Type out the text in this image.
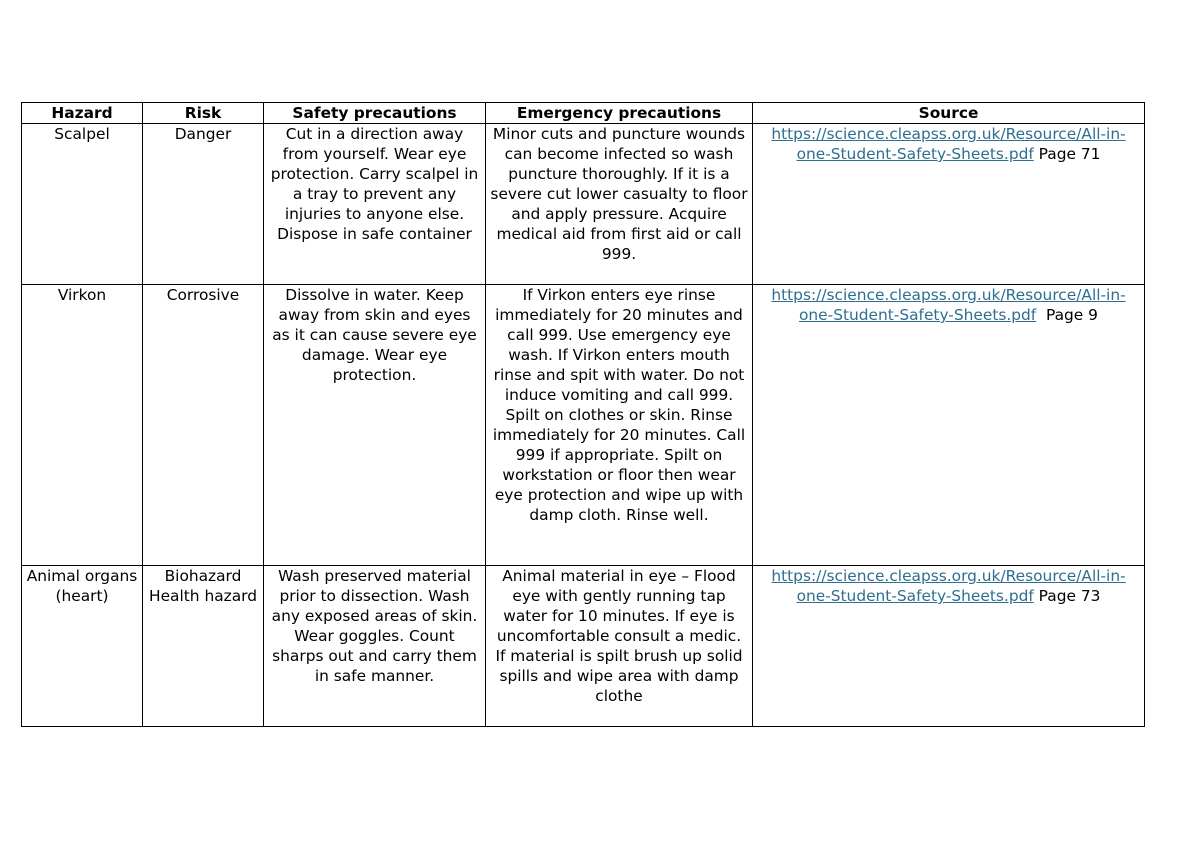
Hazard	Risk	Safety precautions	Emergency precautions	Source
Scalpel	Danger	Cut in a direction away from yourself. Wear eye protection. Carry scalpel in a tray to prevent any injuries to anyone else. Dispose in safe container	Minor cuts and puncture wounds can become infected so wash puncture thoroughly. If it is a severe cut lower casualty to floor and apply pressure. Acquire medical aid from first aid or call 999.	https://science.cleapss.org.uk/Resource/All-in-one-Student-Safety-Sheets.pdf Page 71
Virkon	Corrosive	Dissolve in water. Keep away from skin and eyes as it can cause severe eye damage. Wear eye protection.	If Virkon enters eye rinse immediately for 20 minutes and call 999. Use emergency eye wash. If Virkon enters mouth rinse and spit with water. Do not induce vomiting and call 999. Spilt on clothes or skin. Rinse immediately for 20 minutes. Call 999 if appropriate. Spilt on workstation or floor then wear eye protection and wipe up with damp cloth. Rinse well.	https://science.cleapss.org.uk/Resource/All-in-one-Student-Safety-Sheets.pdf  Page 9
Animal organs (heart)	Biohazard Health hazard	Wash preserved material prior to dissection. Wash any exposed areas of skin. Wear goggles. Count sharps out and carry them in safe manner.	Animal material in eye – Flood eye with gently running tap water for 10 minutes. If eye is uncomfortable consult a medic. If material is spilt brush up solid spills and wipe area with damp clothe	https://science.cleapss.org.uk/Resource/All-in-one-Student-Safety-Sheets.pdf Page 73
